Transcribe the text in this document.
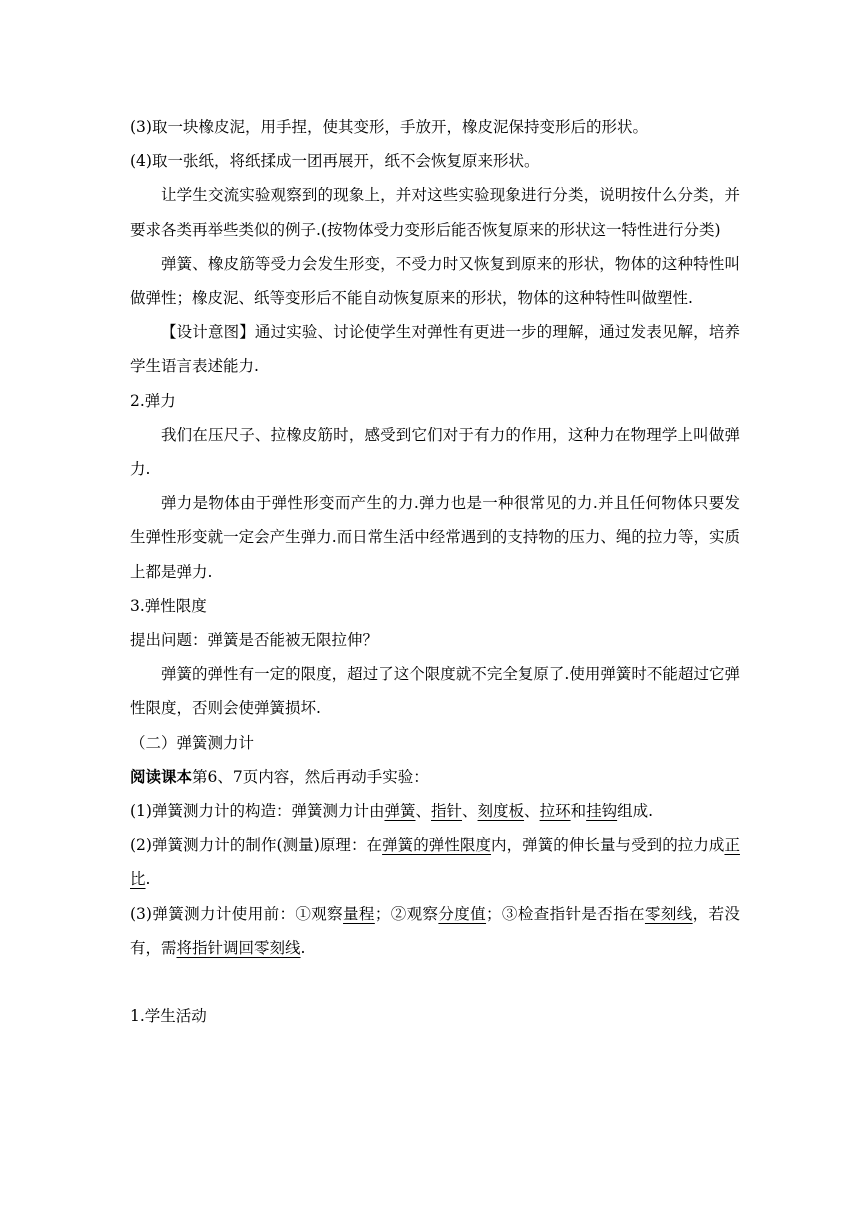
(3)取一块橡皮泥，用手捏，使其变形，手放开，橡皮泥保持变形后的形状。

(4)取一张纸，将纸揉成一团再展开，纸不会恢复原来形状。

让学生交流实验观察到的现象上，并对这些实验现象进行分类，说明按什么分类，并要求各类再举些类似的例子.(按物体受力变形后能否恢复原来的形状这一特性进行分类)

弹簧、橡皮筋等受力会发生形变，不受力时又恢复到原来的形状，物体的这种特性叫做弹性；橡皮泥、纸等变形后不能自动恢复原来的形状，物体的这种特性叫做塑性.

【设计意图】通过实验、讨论使学生对弹性有更进一步的理解，通过发表见解，培养学生语言表述能力.

2.弹力

我们在压尺子、拉橡皮筋时，感受到它们对于有力的作用，这种力在物理学上叫做弹力.

弹力是物体由于弹性形变而产生的力.弹力也是一种很常见的力.并且任何物体只要发生弹性形变就一定会产生弹力.而日常生活中经常遇到的支持物的压力、绳的拉力等，实质上都是弹力.

3.弹性限度

提出问题：弹簧是否能被无限拉伸？

弹簧的弹性有一定的限度，超过了这个限度就不完全复原了.使用弹簧时不能超过它弹性限度，否则会使弹簧损坏.

（二）弹簧测力计

阅读课本第6、7页内容，然后再动手实验：

(1)弹簧测力计的构造：弹簧测力计由弹簧、指针、刻度板、拉环和挂钩组成.

(2)弹簧测力计的制作(测量)原理：在弹簧的弹性限度内，弹簧的伸长量与受到的拉力成正比.

(3)弹簧测力计使用前：①观察量程；②观察分度值；③检查指针是否指在零刻线，若没有，需将指针调回零刻线.

1.学生活动
